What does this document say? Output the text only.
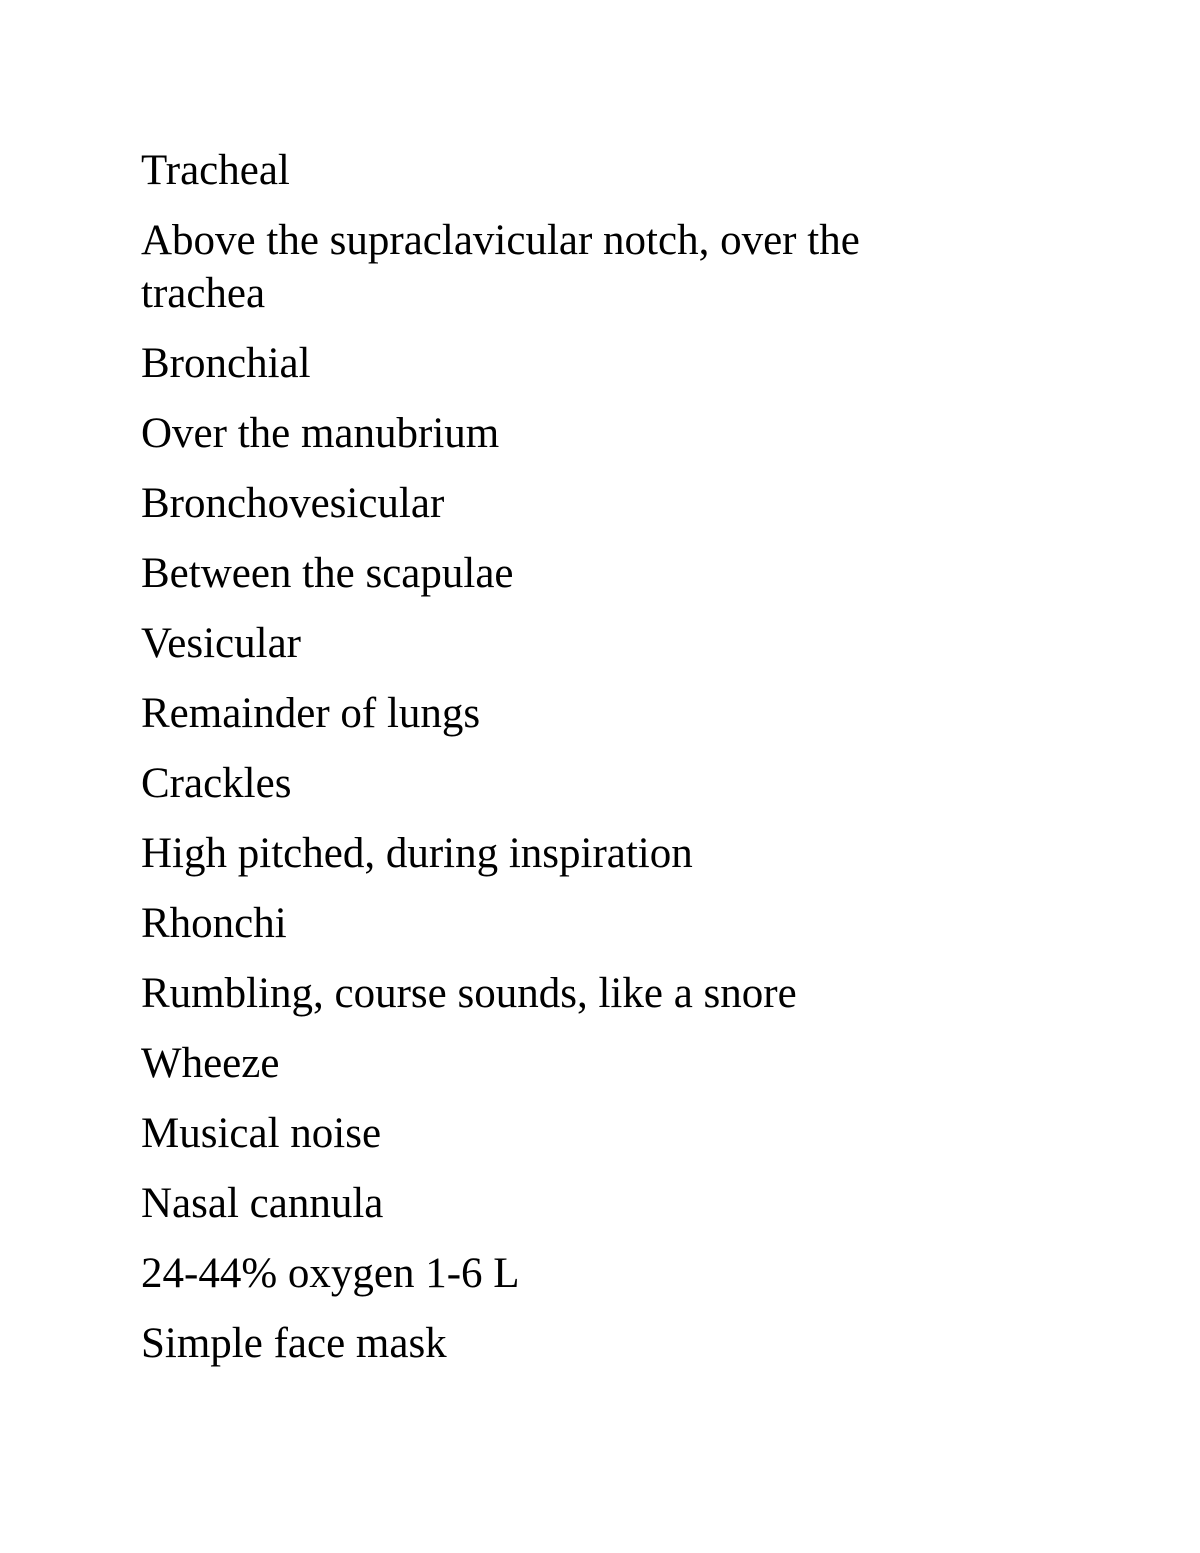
Tracheal
Above the supraclavicular notch, over the trachea
Bronchial
Over the manubrium
Bronchovesicular
Between the scapulae
Vesicular
Remainder of lungs
Crackles
High pitched, during inspiration
Rhonchi
Rumbling, course sounds, like a snore
Wheeze
Musical noise
Nasal cannula
24-44% oxygen 1-6 L
Simple face mask
